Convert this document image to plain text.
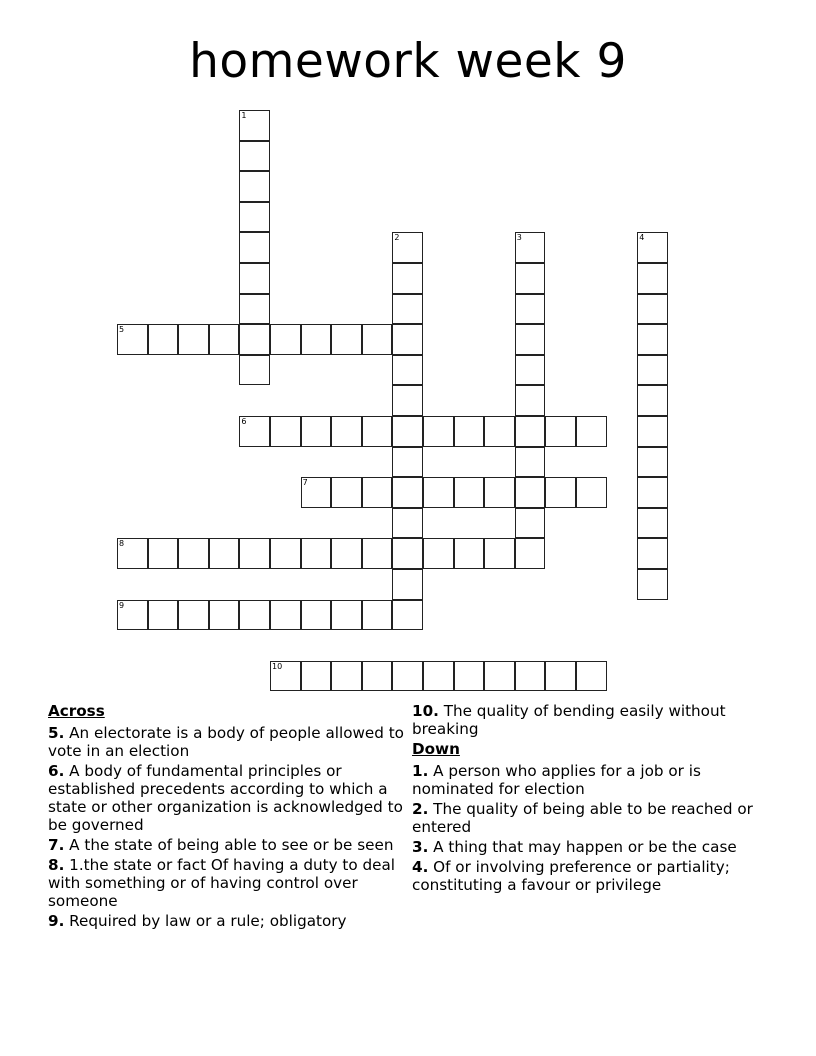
homework week 9
1
2	3	4
5
6
7
8
9
10
Across
5. An electorate is a body of people allowed to vote in an election
6. A body of fundamental principles or established precedents according to which a state or other organization is acknowledged to be governed
7. A the state of being able to see or be seen
8. 1.the state or fact Of having a duty to deal with something or of having control over someone
9. Required by law or a rule; obligatory
10. The quality of bending easily without breaking
Down
1. A person who applies for a job or is nominated for election
2. The quality of being able to be reached or entered
3. A thing that may happen or be the case
4. Of or involving preference or partiality; constituting a favour or privilege
